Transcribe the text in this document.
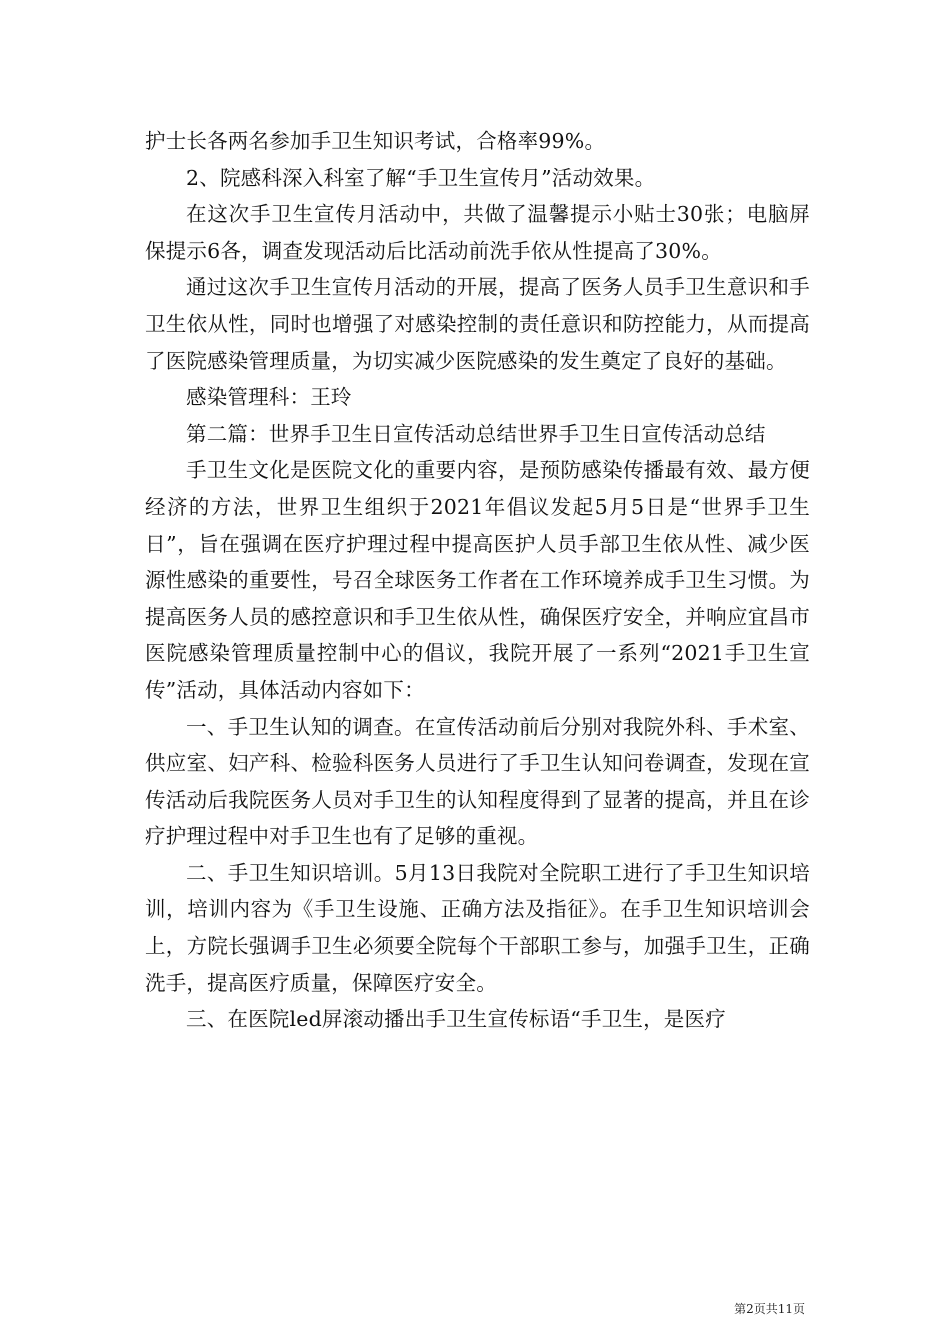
护士长各两名参加手卫生知识考试，合格率99%。

2、院感科深入科室了解“手卫生宣传月”活动效果。

在这次手卫生宣传月活动中，共做了温馨提示小贴士30张；电脑屏保提示6各，调查发现活动后比活动前洗手依从性提高了30%。

通过这次手卫生宣传月活动的开展，提高了医务人员手卫生意识和手卫生依从性，同时也增强了对感染控制的责任意识和防控能力，从而提高了医院感染管理质量，为切实减少医院感染的发生奠定了良好的基础。

感染管理科：王玲

第二篇：世界手卫生日宣传活动总结世界手卫生日宣传活动总结

手卫生文化是医院文化的重要内容，是预防感染传播最有效、最方便经济的方法，世界卫生组织于2021年倡议发起5月5日是“世界手卫生日”，旨在强调在医疗护理过程中提高医护人员手部卫生依从性、减少医源性感染的重要性，号召全球医务工作者在工作环境养成手卫生习惯。为提高医务人员的感控意识和手卫生依从性，确保医疗安全，并响应宜昌市医院感染管理质量控制中心的倡议，我院开展了一系列“2021手卫生宣传”活动，具体活动内容如下：

一、手卫生认知的调查。在宣传活动前后分别对我院外科、手术室、供应室、妇产科、检验科医务人员进行了手卫生认知问卷调查，发现在宣传活动后我院医务人员对手卫生的认知程度得到了显著的提高，并且在诊疗护理过程中对手卫生也有了足够的重视。

二、手卫生知识培训。5月13日我院对全院职工进行了手卫生知识培训，培训内容为《手卫生设施、正确方法及指征》。在手卫生知识培训会上，方院长强调手卫生必须要全院每个干部职工参与，加强手卫生，正确洗手，提高医疗质量，保障医疗安全。

三、在医院led屏滚动播出手卫生宣传标语“手卫生，是医疗

第2页共11页
